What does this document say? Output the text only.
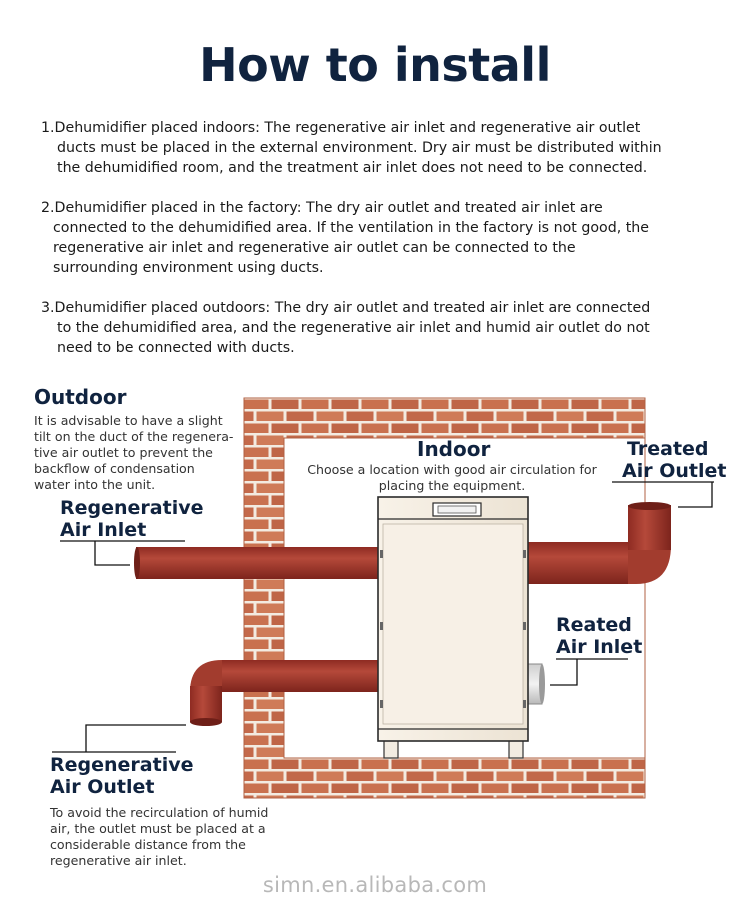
How to install
1.Dehumidifier placed indoors: The regenerative air inlet and regenerative air outlet
ducts must be placed in the external environment. Dry air must be distributed within
the dehumidified room, and the treatment air inlet does not need to be connected.
2.Dehumidifier placed in the factory: The dry air outlet and treated air inlet are
connected to the dehumidified area. If the ventilation in the factory is not good, the
regenerative air inlet and regenerative air outlet can be connected to the
surrounding environment using ducts.
3.Dehumidifier placed outdoors: The dry air outlet and treated air inlet are connected
to the dehumidified area, and the regenerative air inlet and humid air outlet do not
need to be connected with ducts.
Outdoor
It is advisable to have a slight
tilt on the duct of the regenera-
tive air outlet to prevent the
backflow of condensation
water into the unit.
Indoor
Choose a location with good air circulation for
placing the equipment.
Treated
Air Outlet
Regenerative
Air Inlet
Reated
Air Inlet
Regenerative
Air Outlet
To avoid the recirculation of humid
air, the outlet must be placed at a
considerable distance from the
regenerative air inlet.
simn.en.alibaba.com
